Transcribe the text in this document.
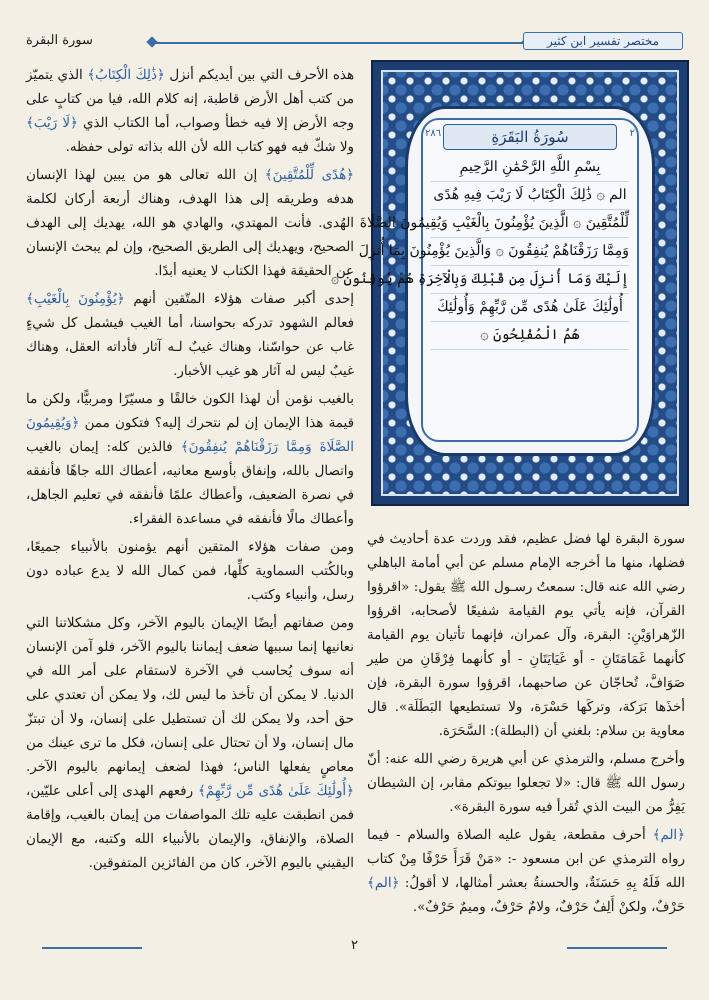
مختصر تفسير ابن كثير
سورة البقرة
سُورَةُ البَقَرَةِ	٢
٢٨٦
بِسْمِ اللَّهِ الرَّحْمَٰنِ الرَّحِيمِ
الم ۞ ذَٰلِكَ الْكِتَابُ لَا رَيْبَ فِيهِ هُدًى
لِّلْمُتَّقِينَ ۞ الَّذِينَ يُؤْمِنُونَ بِالْغَيْبِ وَيُقِيمُونَ الصَّلَاةَ
وَمِمَّا رَزَقْنَاهُمْ يُنفِقُونَ ۞ وَالَّذِينَ يُؤْمِنُونَ بِمَا أُنزِلَ
إِلَيْكَ وَمَا أُنزِلَ مِن قَبْلِكَ وَبِالْآخِرَةِ هُمْ يُوقِنُونَ ۞
أُولَٰئِكَ عَلَىٰ هُدًى مِّن رَّبِّهِمْ وَأُولَٰئِكَ
هُمُ الْمُفْلِحُونَ ۞

هذه الأحرف التي بين أيديكم أنزل ﴿ذَٰلِكَ الْكِتَابُ﴾ الذي يتميّز من كتب أهل الأرض قاطبة، إنه كلام الله، فيا من كتابٍ على وجه الأرض إلا فيه خطأ وصواب، أما الكتاب الذي ﴿لَا رَيْبَ﴾ ولا شكّ فيه فهو كتاب الله لأن الله بذاته تولى حفظه.

﴿هُدًى لِّلْمُتَّقِينَ﴾ إن الله تعالى هو من يبين لهذا الإنسان هدفه وطريقه إلى هذا الهدف، وهناك أربعة أركان لكلمة الهُدى. فأنت المهتدي، والهادي هو الله، يهديك إلى الهدف الصحيح، ويهديك إلى الطريق الصحيح، وإن لم يبحث الإنسان عن الحقيقة فهذا الكتاب لا يعنيه أبدًا.

إحدى أكبر صفات هؤلاء المتّقين أنهم ﴿يُؤْمِنُونَ بِالْغَيْبِ﴾ فعالم الشهود تدركه بحواسنا، أما الغيب فيشمل كل شيءٍ غاب عن حواسّنا، وهناك غيبٌ لـه آثار فأداته العقل، وهناك غيبٌ ليس له آثار هو غيب الأخبار.

بالغيب نؤمن أن لهذا الكون خالقًا و مسيّرًا ومربيًّا، ولكن ما قيمة هذا الإيمان إن لم نتحرك إليه؟ فتكون ممن ﴿وَيُقِيمُونَ الصَّلَاةَ وَمِمَّا رَزَقْنَاهُمْ يُنفِقُونَ﴾ فالذين كله: إيمان بالغيب واتصال بالله، وإنفاق بأوسع معانيه، أعطاك الله جاهًا فأنفقه في نصرة الضعيف، وأعطاك علمًا فأنفقه في تعليم الجاهل، وأعطاك مالًا فأنفقه في مساعدة الفقراء.

ومن صفات هؤلاء المتقين أنهم يؤمنون بالأنبياء جميعًا، وبالكُتب السماوية كلِّها، فمن كمال الله لا يدع عباده دون رسل، وأنبياء وكتب.

ومن صفاتهم أيضًا الإيمان باليوم الآخر، وكل مشكلاتنا التي نعانيها إنما سببها ضعف إيماننا باليوم الآخر، فلو آمن الإنسان أنه سوف يُحاسب في الآخرة لاستقام على أمر الله في الدنيا. لا يمكن أن تأخذ ما ليس لك، ولا يمكن أن تعتدي على حق أحد، ولا يمكن لك أن تستطيل على إنسان، ولا أن تبتزّ مال إنسان، ولا أن تحتال على إنسان، فكل ما ترى عينك من معاصٍ يفعلها الناس؛ فهذا لضعف إيمانهم باليوم الآخر. ﴿أُولَٰئِكَ عَلَىٰ هُدًى مِّن رَّبِّهِمْ﴾ رفعهم الهدى إلى أعلى عليّين، فمن انطبقت عليه تلك المواصفات من إيمان بالغيب، وإقامة الصلاة، والإنفاق، والإيمان بالأنبياء الله وكتبه، مع الإيمان اليقيني باليوم الآخر، كان من الفائزين المتفوقين.

سورة البقرة لها فضل عظيم، فقد وردت عدة أحاديث في فضلها، منها ما أخرجه الإمام مسلم عن أبي أمامة الباهلي رضي الله عنه قال: سمعتُ رسـول الله ﷺ يقول: «اقرؤوا القرآن، فإنه يأتي يوم القيامة شفيعًا لأصحابه، اقرؤوا الزّهراوَيْنِ: البقرة، وآل عمران، فإنهما تأتيان يوم القيامة كأنهما غَمَامَتَانِ - أو غَيَايَتَانِ - أو كأنهما فِرْقَانِ من طير صَوَافَّ، تُحاجّان عن صاحبهما، اقرؤوا سورة البقرة، فإن أخذَها بَرَكة، وتركَها حَسْرَة، ولا تستطيعها البَطَلَة». قال معاوية بن سلام: بلغني أن (البطلة): السَّحَرَة.

وأخرج مسلم، والترمذي عن أبي هريرة رضي الله عنه: أنّ رسول الله ﷺ قال: «لا تجعلوا بيوتكم مقابر، إن الشيطان يَفِرُّ من البيت الذي تُقرأ فيه سورة البقرة».

﴿الم﴾ أحرف مقطعة، يقول عليه الصلاة والسلام - فيما رواه الترمذي عن ابن مسعود -: «مَنْ قَرَأَ حَرْفًا مِنْ كتاب الله فَلَهُ بِهِ حَسَنَةٌ، والحسنةُ بعشر أمثالها، لا أقولُ: ﴿الم﴾ حَرْفٌ، ولكنْ أَلِفٌ حَرْفٌ، ولامٌ حَرْفٌ، وميمٌ حَرْفٌ».

٢
